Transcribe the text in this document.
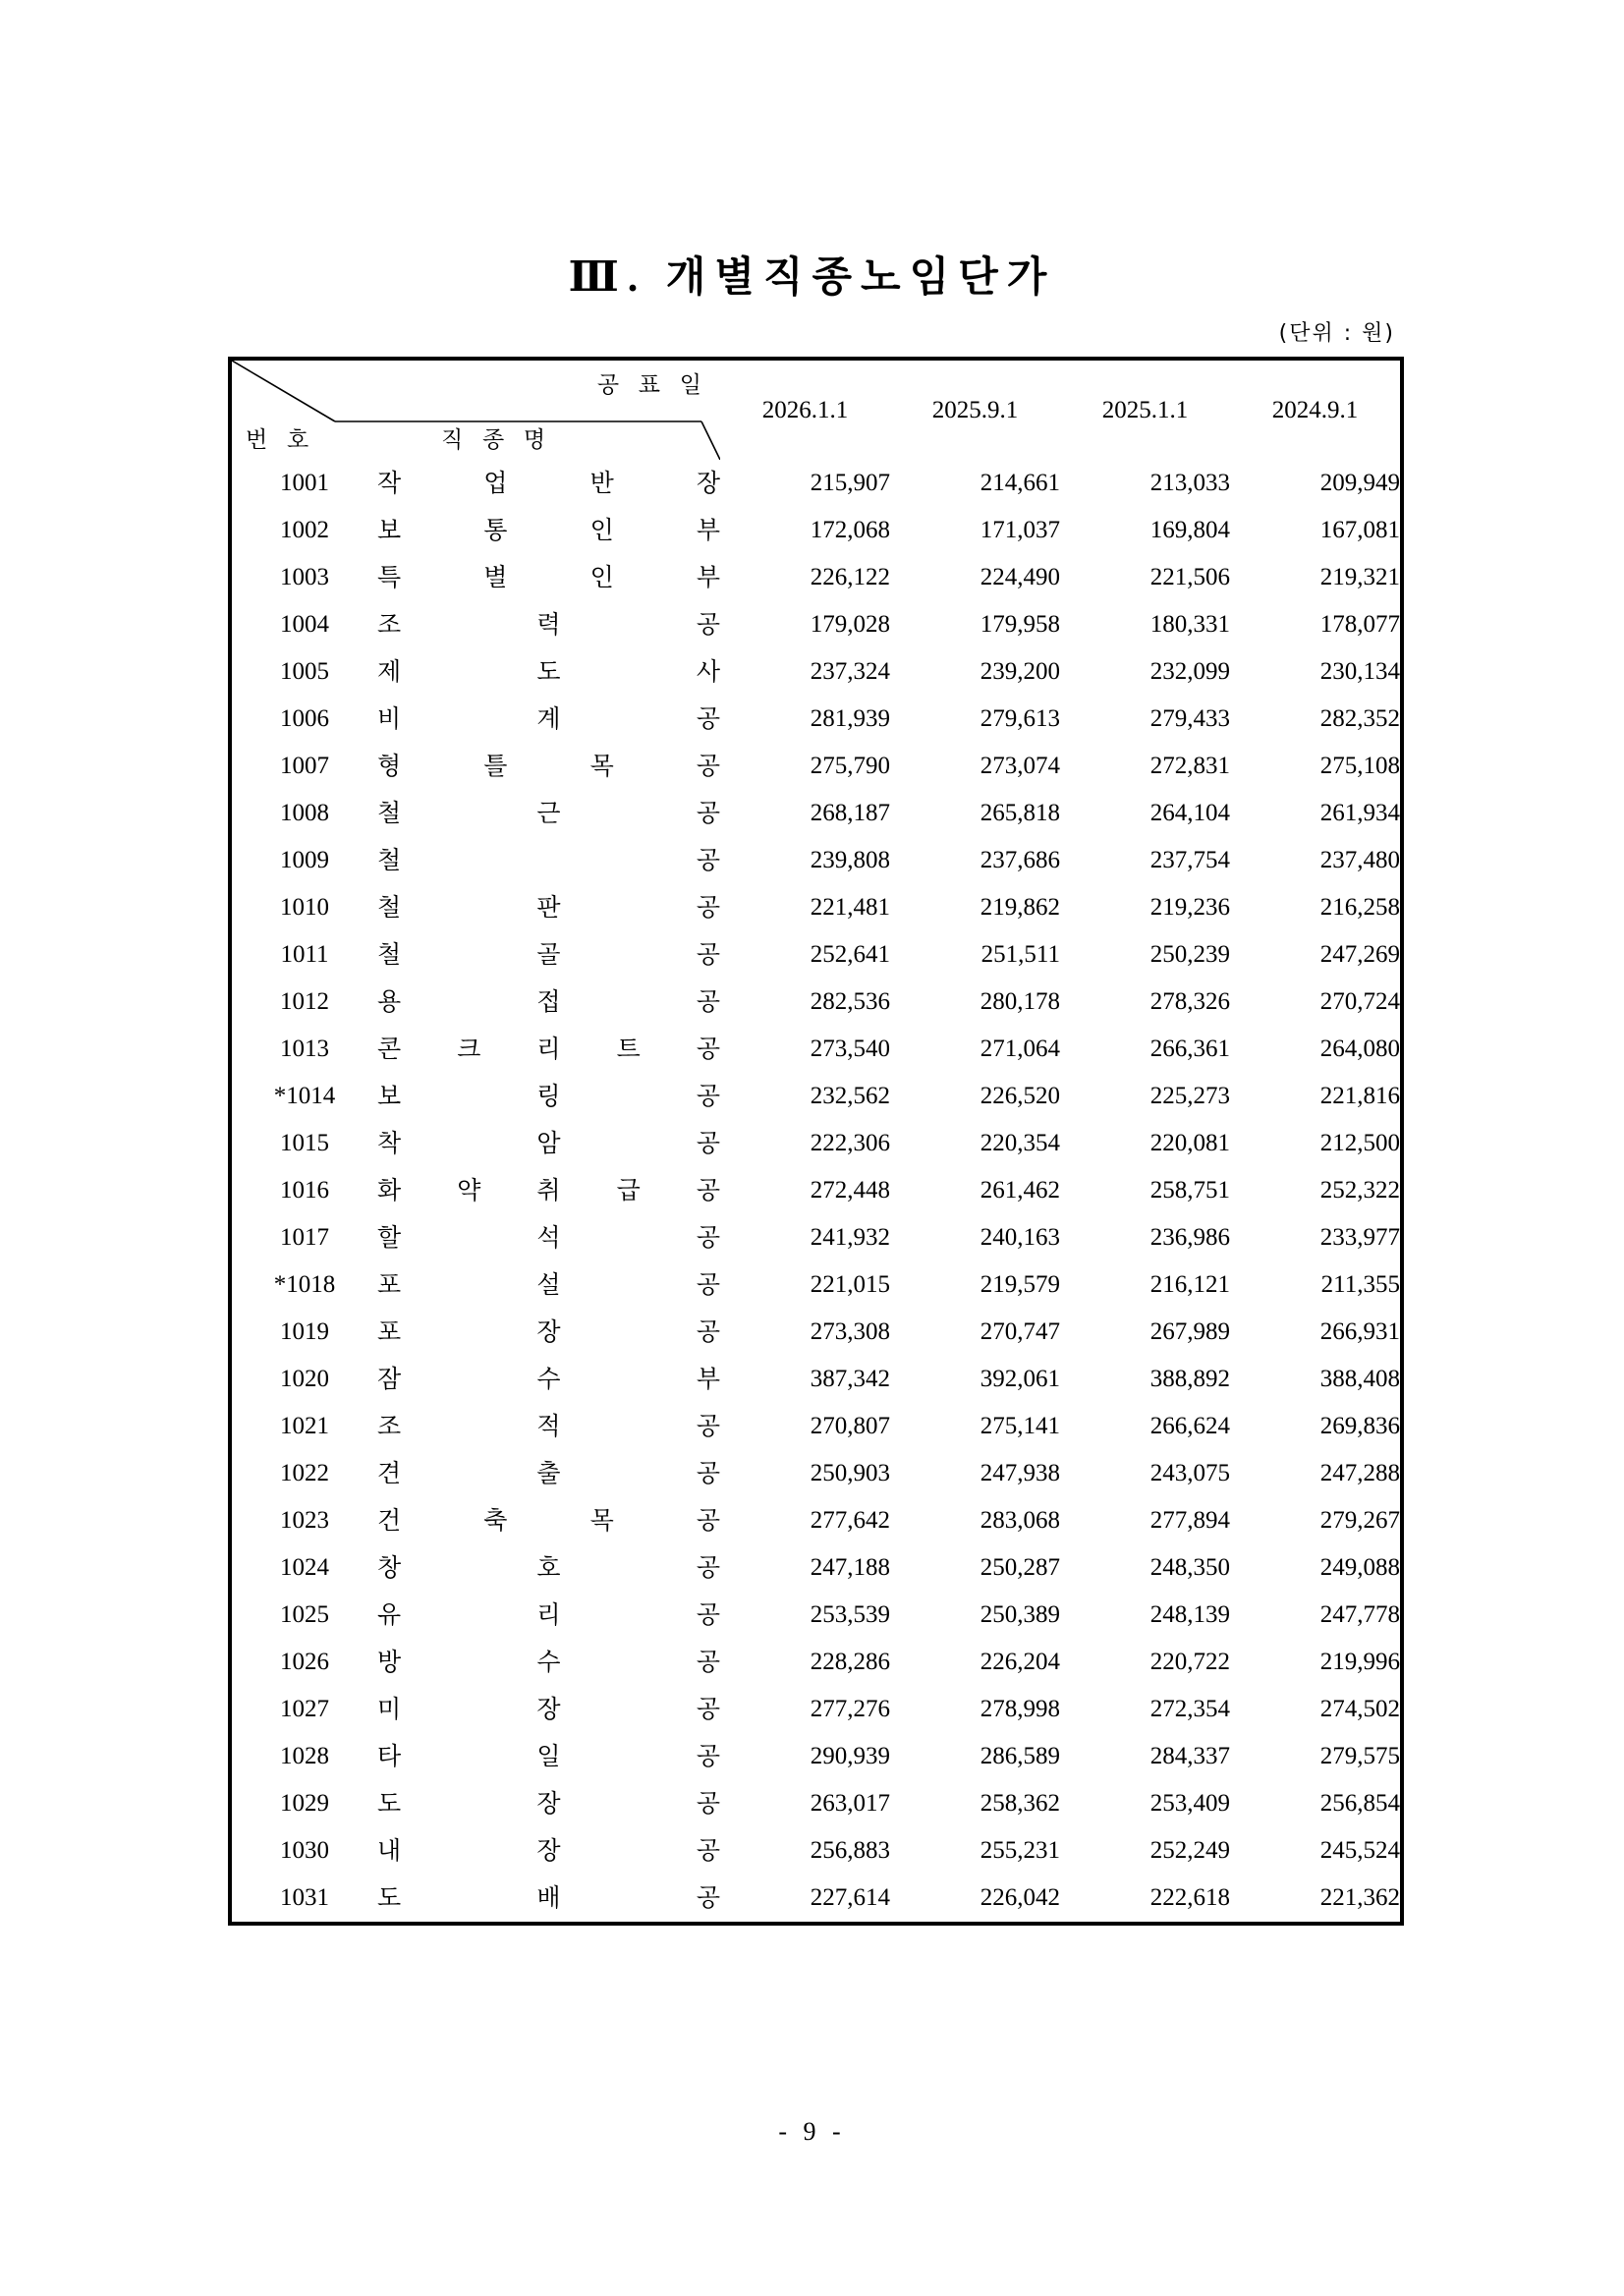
Ⅲ. 개별직종노임단가
(단위 : 원)
공 표 일
번 호 직 종 명		2026.1.1	2025.9.1	2025.1.1	2024.9.1
1001	작 업 반 장	215,907	214,661	213,033	209,949
1002	보 통 인 부	172,068	171,037	169,804	167,081
1003	특 별 인 부	226,122	224,490	221,506	219,321
1004	조 력 공	179,028	179,958	180,331	178,077
1005	제 도 사	237,324	239,200	232,099	230,134
1006	비 계 공	281,939	279,613	279,433	282,352
1007	형 틀 목 공	275,790	273,074	272,831	275,108
1008	철 근 공	268,187	265,818	264,104	261,934
1009	철 공	239,808	237,686	237,754	237,480
1010	철 판 공	221,481	219,862	219,236	216,258
1011	철 골 공	252,641	251,511	250,239	247,269
1012	용 접 공	282,536	280,178	278,326	270,724
1013	콘 크 리 트 공	273,540	271,064	266,361	264,080
*1014	보 링 공	232,562	226,520	225,273	221,816
1015	착 암 공	222,306	220,354	220,081	212,500
1016	화 약 취 급 공	272,448	261,462	258,751	252,322
1017	할 석 공	241,932	240,163	236,986	233,977
*1018	포 설 공	221,015	219,579	216,121	211,355
1019	포 장 공	273,308	270,747	267,989	266,931
1020	잠 수 부	387,342	392,061	388,892	388,408
1021	조 적 공	270,807	275,141	266,624	269,836
1022	견 출 공	250,903	247,938	243,075	247,288
1023	건 축 목 공	277,642	283,068	277,894	279,267
1024	창 호 공	247,188	250,287	248,350	249,088
1025	유 리 공	253,539	250,389	248,139	247,778
1026	방 수 공	228,286	226,204	220,722	219,996
1027	미 장 공	277,276	278,998	272,354	274,502
1028	타 일 공	290,939	286,589	284,337	279,575
1029	도 장 공	263,017	258,362	253,409	256,854
1030	내 장 공	256,883	255,231	252,249	245,524
1031	도 배 공	227,614	226,042	222,618	221,362
- 9 -
